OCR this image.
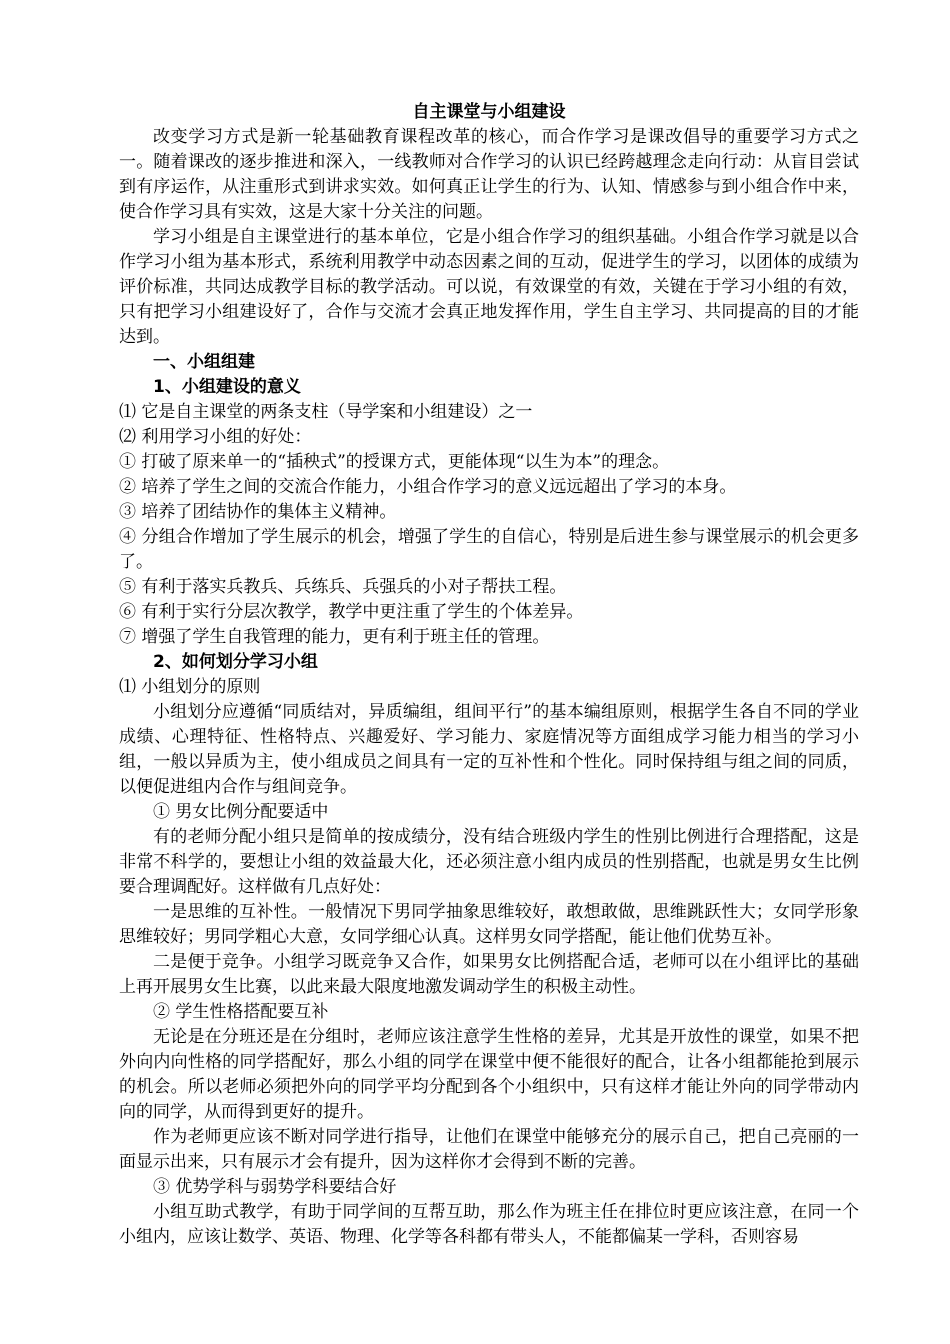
自主课堂与小组建设

改变学习方式是新一轮基础教育课程改革的核心，而合作学习是课改倡导的重要学习方式之一。随着课改的逐步推进和深入，一线教师对合作学习的认识已经跨越理念走向行动：从盲目尝试到有序运作，从注重形式到讲求实效。如何真正让学生的行为、认知、情感参与到小组合作中来，使合作学习具有实效，这是大家十分关注的问题。

学习小组是自主课堂进行的基本单位，它是小组合作学习的组织基础。小组合作学习就是以合作学习小组为基本形式，系统利用教学中动态因素之间的互动，促进学生的学习，以团体的成绩为评价标准，共同达成教学目标的教学活动。可以说，有效课堂的有效，关键在于学习小组的有效，只有把学习小组建设好了，合作与交流才会真正地发挥作用，学生自主学习、共同提高的目的才能达到。

一、小组组建

1、小组建设的意义

⑴ 它是自主课堂的两条支柱（导学案和小组建设）之一

⑵ 利用学习小组的好处：

① 打破了原来单一的“插秧式”的授课方式，更能体现“以生为本”的理念。

② 培养了学生之间的交流合作能力，小组合作学习的意义远远超出了学习的本身。

③ 培养了团结协作的集体主义精神。

④ 分组合作增加了学生展示的机会，增强了学生的自信心，特别是后进生参与课堂展示的机会更多了。

⑤ 有利于落实兵教兵、兵练兵、兵强兵的小对子帮扶工程。

⑥ 有利于实行分层次教学，教学中更注重了学生的个体差异。

⑦ 增强了学生自我管理的能力，更有利于班主任的管理。

2、如何划分学习小组

⑴ 小组划分的原则

小组划分应遵循“同质结对，异质编组，组间平行”的基本编组原则，根据学生各自不同的学业成绩、心理特征、性格特点、兴趣爱好、学习能力、家庭情况等方面组成学习能力相当的学习小组，一般以异质为主，使小组成员之间具有一定的互补性和个性化。同时保持组与组之间的同质，以便促进组内合作与组间竞争。

① 男女比例分配要适中

有的老师分配小组只是简单的按成绩分，没有结合班级内学生的性别比例进行合理搭配，这是非常不科学的，要想让小组的效益最大化，还必须注意小组内成员的性别搭配，也就是男女生比例要合理调配好。这样做有几点好处：

一是思维的互补性。一般情况下男同学抽象思维较好，敢想敢做，思维跳跃性大；女同学形象思维较好；男同学粗心大意，女同学细心认真。这样男女同学搭配，能让他们优势互补。

二是便于竞争。小组学习既竞争又合作，如果男女比例搭配合适，老师可以在小组评比的基础上再开展男女生比赛，以此来最大限度地激发调动学生的积极主动性。

② 学生性格搭配要互补

无论是在分班还是在分组时，老师应该注意学生性格的差异，尤其是开放性的课堂，如果不把外向内向性格的同学搭配好，那么小组的同学在课堂中便不能很好的配合，让各小组都能抢到展示的机会。所以老师必须把外向的同学平均分配到各个小组织中，只有这样才能让外向的同学带动内向的同学，从而得到更好的提升。

作为老师更应该不断对同学进行指导，让他们在课堂中能够充分的展示自己，把自己亮丽的一面显示出来，只有展示才会有提升，因为这样你才会得到不断的完善。

③ 优势学科与弱势学科要结合好

小组互助式教学，有助于同学间的互帮互助，那么作为班主任在排位时更应该注意，在同一个小组内，应该让数学、英语、物理、化学等各科都有带头人，不能都偏某一学科，否则容易
